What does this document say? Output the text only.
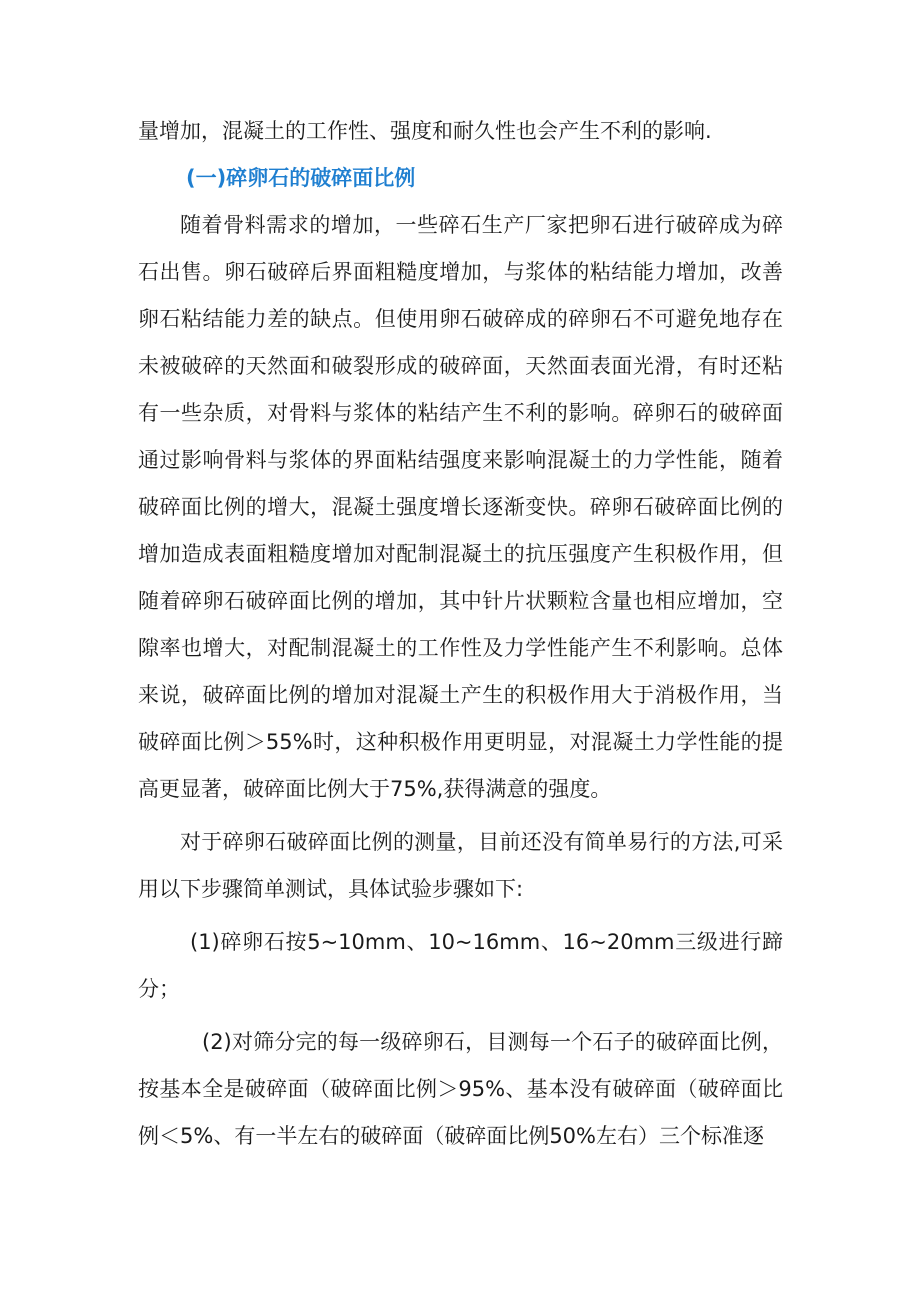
量增加，混凝土的工作性、强度和耐久性也会产生不利的影响.

(一)碎卵石的破碎面比例

随着骨料需求的增加，一些碎石生产厂家把卵石进行破碎成为碎石出售。卵石破碎后界面粗糙度增加，与浆体的粘结能力增加，改善卵石粘结能力差的缺点。但使用卵石破碎成的碎卵石不可避免地存在未被破碎的天然面和破裂形成的破碎面，天然面表面光滑，有时还粘有一些杂质，对骨料与浆体的粘结产生不利的影响。碎卵石的破碎面通过影响骨料与浆体的界面粘结强度来影响混凝土的力学性能，随着破碎面比例的增大，混凝土强度增长逐渐变快。碎卵石破碎面比例的增加造成表面粗糙度增加对配制混凝土的抗压强度产生积极作用，但随着碎卵石破碎面比例的增加，其中针片状颗粒含量也相应增加，空隙率也增大，对配制混凝土的工作性及力学性能产生不利影响。总体来说，破碎面比例的增加对混凝土产生的积极作用大于消极作用，当破碎面比例＞55%时，这种积极作用更明显，对混凝土力学性能的提高更显著，破碎面比例大于75%,获得满意的强度。

对于碎卵石破碎面比例的测量，目前还没有简单易行的方法,可采用以下步骤简单测试，具体试验步骤如下:

(1)碎卵石按5~10mm、10~16mm、16~20mm三级进行蹄分；

(2)对筛分完的每一级碎卵石，目测每一个石子的破碎面比例，按基本全是破碎面（破碎面比例＞95%、基本没有破碎面（破碎面比例＜5%、有一半左右的破碎面（破碎面比例50%左右）三个标准逐
